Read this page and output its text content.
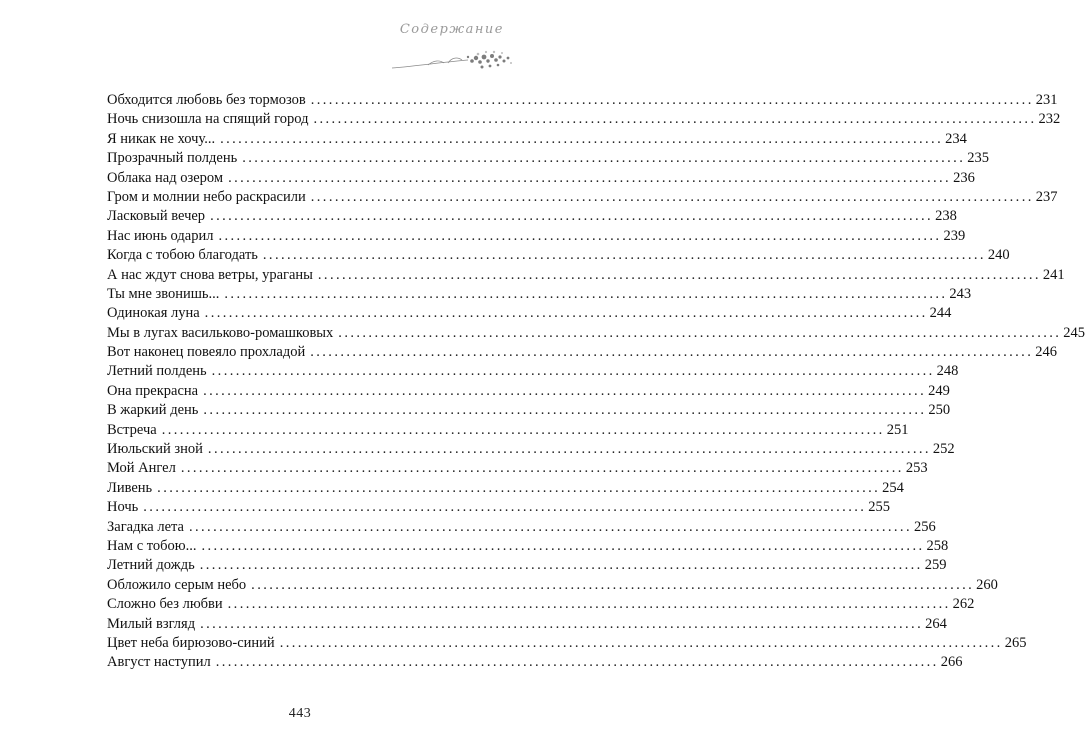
Содержание
Обходится любовь без тормозов ........................................................................................................................ 231
Ночь снизошла на спящий город ........................................................................................................................ 232
Я никак не хочу... ........................................................................................................................ 234
Прозрачный полдень ........................................................................................................................ 235
Облака над озером ........................................................................................................................ 236
Гром и молнии небо раскрасили ........................................................................................................................ 237
Ласковый вечер ........................................................................................................................ 238
Нас июнь одарил ........................................................................................................................ 239
Когда с тобою благодать ........................................................................................................................ 240
А нас ждут снова ветры, ураганы ........................................................................................................................ 241
Ты мне звонишь... ........................................................................................................................ 243
Одинокая луна ........................................................................................................................ 244
Мы в лугах васильково-ромашковых ........................................................................................................................ 245
Вот наконец повеяло прохладой ........................................................................................................................ 246
Летний полдень ........................................................................................................................ 248
Она прекрасна ........................................................................................................................ 249
В жаркий день ........................................................................................................................ 250
Встреча ........................................................................................................................ 251
Июльский зной ........................................................................................................................ 252
Мой Ангел ........................................................................................................................ 253
Ливень ........................................................................................................................ 254
Ночь ........................................................................................................................ 255
Загадка лета ........................................................................................................................ 256
Нам с тобою... ........................................................................................................................ 258
Летний дождь ........................................................................................................................ 259
Обложило серым небо ........................................................................................................................ 260
Сложно без любви ........................................................................................................................ 262
Милый взгляд ........................................................................................................................ 264
Цвет неба бирюзово-синий ........................................................................................................................ 265
Август наступил ........................................................................................................................ 266
443
